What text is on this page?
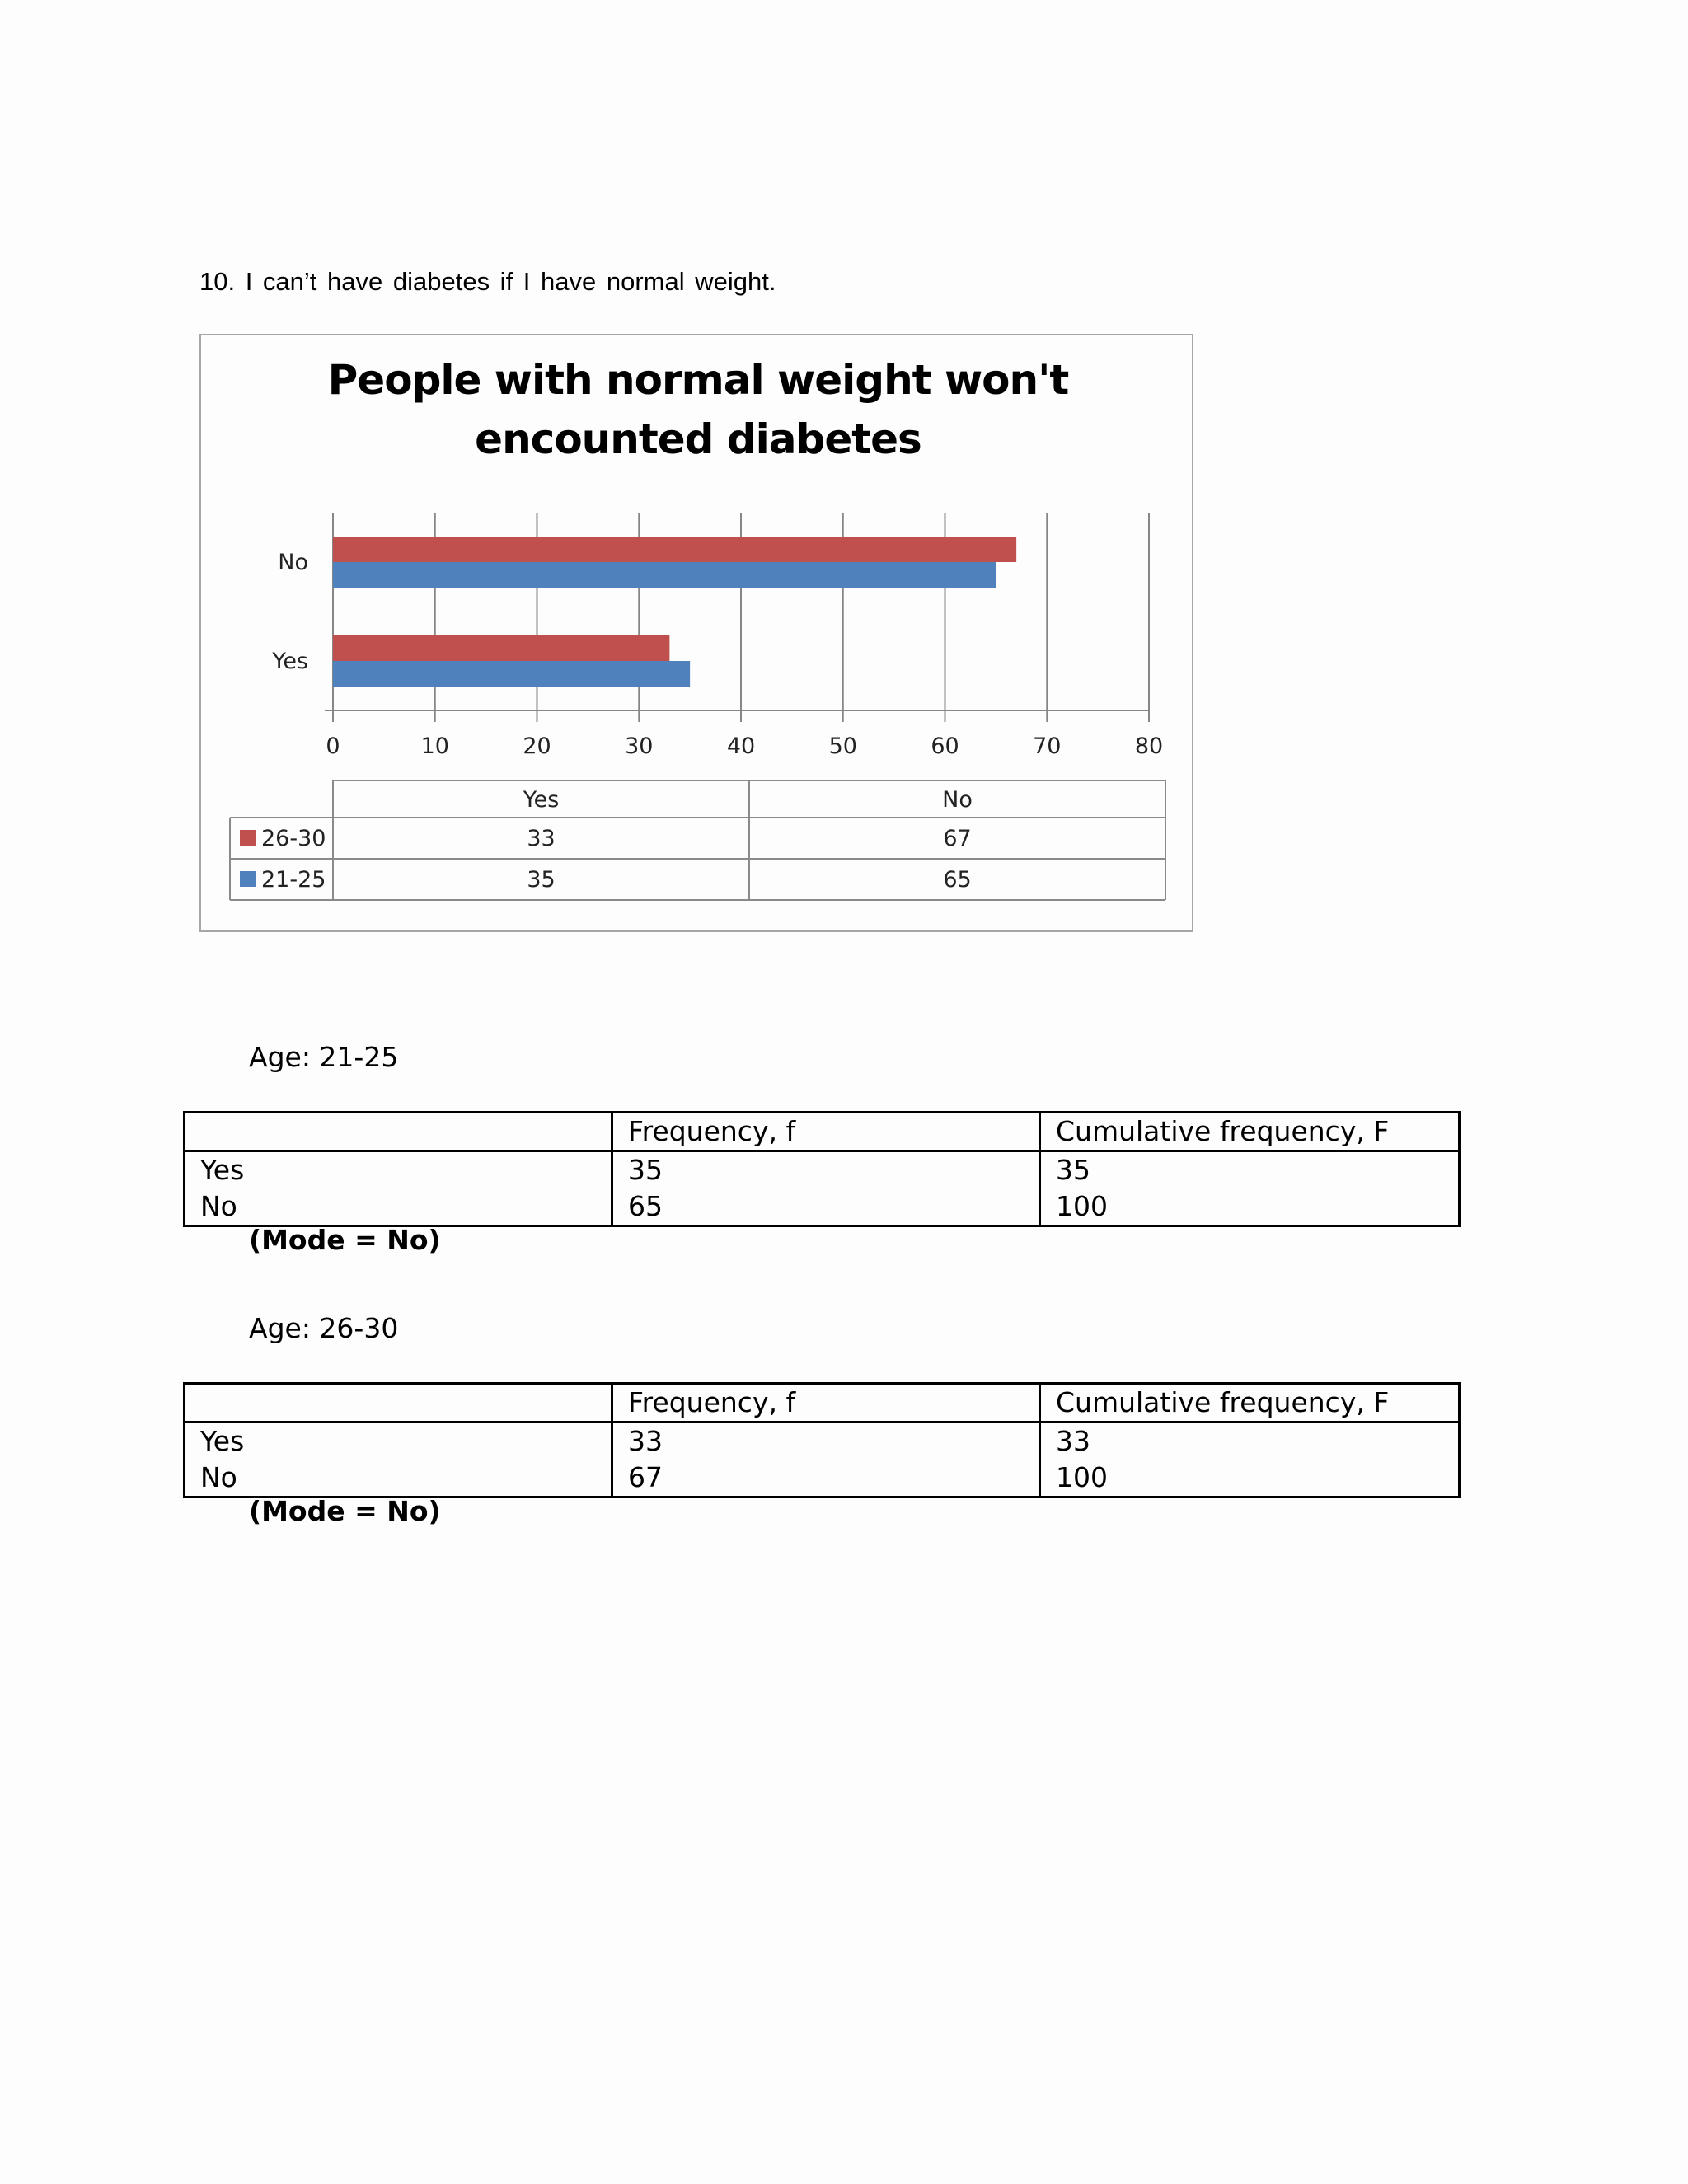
10. I can’t have diabetes if I have normal weight.
People with normal weight won't
encounted diabetes
0	10	20	30	40	50	60	70	80
Yes
No
Yes	No
26-30	33	67
21-25	35	65
Age: 21-25
	Frequency, f	Cumulative frequency, F
Yes	35	35
No	65	100
(Mode = No)
Age: 26-30
	Frequency, f	Cumulative frequency, F
Yes	33	33
No	67	100
(Mode = No)
